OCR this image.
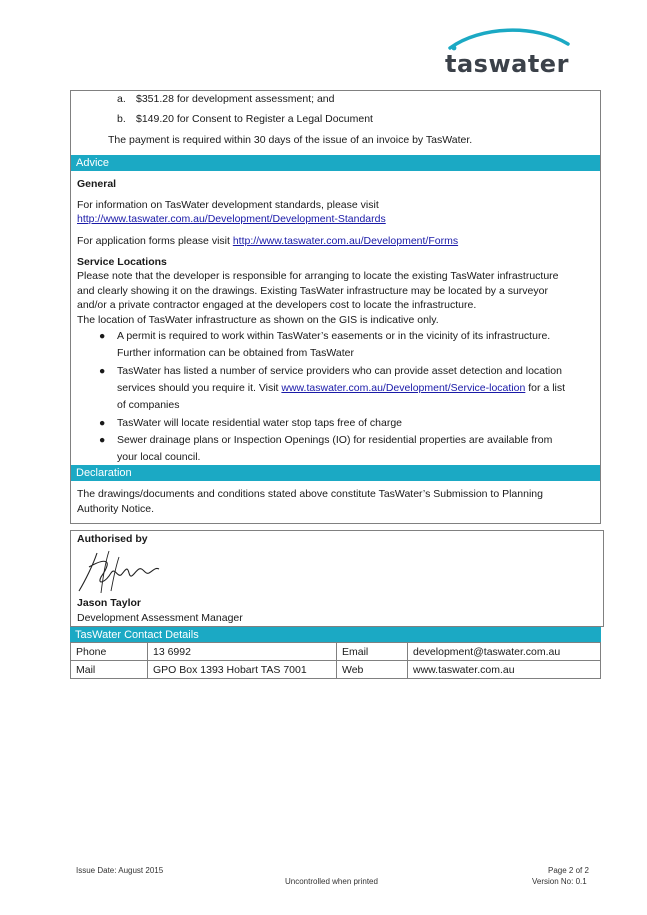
taswater
a. $351.28 for development assessment; and
b. $149.20 for Consent to Register a Legal Document
The payment is required within 30 days of the issue of an invoice by TasWater.
Advice
General
For information on TasWater development standards, please visit
http://www.taswater.com.au/Development/Development-Standards
For application forms please visit http://www.taswater.com.au/Development/Forms
Service Locations
Please note that the developer is responsible for arranging to locate the existing TasWater infrastructure
and clearly showing it on the drawings. Existing TasWater infrastructure may be located by a surveyor
and/or a private contractor engaged at the developers cost to locate the infrastructure.
The location of TasWater infrastructure as shown on the GIS is indicative only.
● A permit is required to work within TasWater’s easements or in the vicinity of its infrastructure.
Further information can be obtained from TasWater
● TasWater has listed a number of service providers who can provide asset detection and location
services should you require it. Visit www.taswater.com.au/Development/Service-location for a list
of companies
● TasWater will locate residential water stop taps free of charge
● Sewer drainage plans or Inspection Openings (IO) for residential properties are available from
your local council.
Declaration
The drawings/documents and conditions stated above constitute TasWater’s Submission to Planning
Authority Notice.
Authorised by
Jason Taylor
Development Assessment Manager
TasWater Contact Details
Phone	13 6992	Email	development@taswater.com.au
Mail	GPO Box 1393 Hobart TAS 7001	Web	www.taswater.com.au
Issue Date: August 2015
Uncontrolled when printed
Page 2 of 2
Version No: 0.1
